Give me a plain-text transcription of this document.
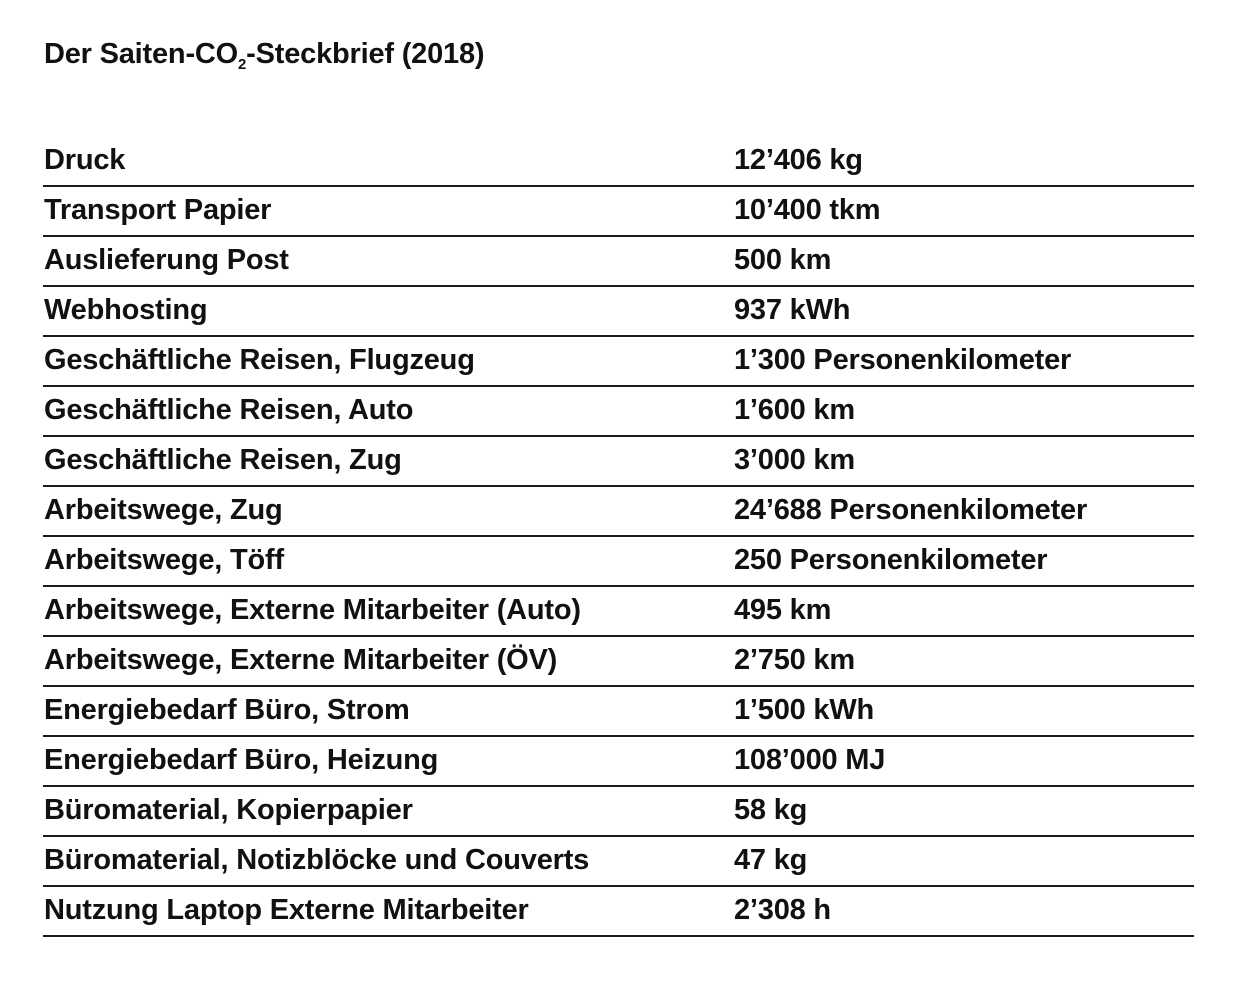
Der Saiten-$CO_2$-Steckbrief (2018)
Druck	12’406 kg
Transport Papier	10’400 tkm
Auslieferung Post	500 km
Webhosting	937 kWh
Geschäftliche Reisen, Flugzeug	1’300 Personenkilometer
Geschäftliche Reisen, Auto	1’600 km
Geschäftliche Reisen, Zug	3’000 km
Arbeitswege, Zug	24’688 Personenkilometer
Arbeitswege, Töff	250 Personenkilometer
Arbeitswege, Externe Mitarbeiter (Auto)	495 km
Arbeitswege, Externe Mitarbeiter (ÖV)	2’750 km
Energiebedarf Büro, Strom	1’500 kWh
Energiebedarf Büro, Heizung	108’000 MJ
Büromaterial, Kopierpapier	58 kg
Büromaterial, Notizblöcke und Couverts	47 kg
Nutzung Laptop Externe Mitarbeiter	2’308 h
